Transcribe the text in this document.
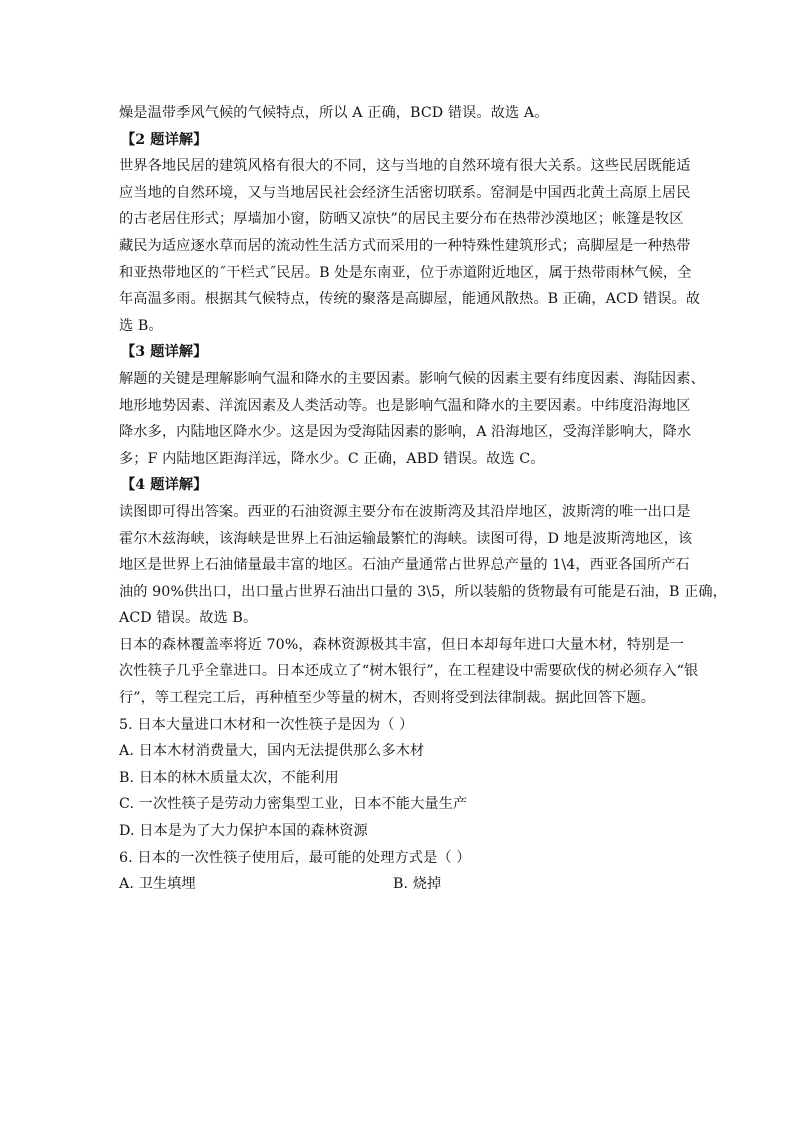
燥是温带季风气候的气候特点，所以 A 正确，BCD 错误。故选 A。
【2 题详解】
世界各地民居的建筑风格有很大的不同，这与当地的自然环境有很大关系。这些民居既能适
应当地的自然环境，又与当地居民社会经济生活密切联系。窑洞是中国西北黄土高原上居民
的古老居住形式；厚墙加小窗，防晒又凉快”的居民主要分布在热带沙漠地区；帐篷是牧区
藏民为适应逐水草而居的流动性生活方式而采用的一种特殊性建筑形式；高脚屋是一种热带
和亚热带地区的˝干栏式˝民居。B 处是东南亚，位于赤道附近地区，属于热带雨林气候，全
年高温多雨。根据其气候特点，传统的聚落是高脚屋，能通风散热。B 正确，ACD 错误。故
选 B。
【3 题详解】
解题的关键是理解影响气温和降水的主要因素。影响气候的因素主要有纬度因素、海陆因素、
地形地势因素、洋流因素及人类活动等。也是影响气温和降水的主要因素。中纬度沿海地区
降水多，内陆地区降水少。这是因为受海陆因素的影响，A 沿海地区，受海洋影响大，降水
多；F 内陆地区距海洋远，降水少。C 正确，ABD 错误。故选 C。
【4 题详解】
读图即可得出答案。西亚的石油资源主要分布在波斯湾及其沿岸地区，波斯湾的唯一出口是
霍尔木兹海峡，该海峡是世界上石油运输最繁忙的海峡。读图可得，D 地是波斯湾地区，该
地区是世界上石油储量最丰富的地区。石油产量通常占世界总产量的 1\4，西亚各国所产石
油的 90%供出口，出口量占世界石油出口量的 3\5，所以装船的货物最有可能是石油，B 正确，
ACD 错误。故选 B。
日本的森林覆盖率将近 70%，森林资源极其丰富，但日本却每年进口大量木材，特别是一
次性筷子几乎全靠进口。日本还成立了“树木银行”，在工程建设中需要砍伐的树必须存入“银
行”，等工程完工后，再种植至少等量的树木，否则将受到法律制裁。据此回答下题。
5. 日本大量进口木材和一次性筷子是因为（ ）
A. 日本木材消费量大，国内无法提供那么多木材
B. 日本的林木质量太次，不能利用
C. 一次性筷子是劳动力密集型工业，日本不能大量生产
D. 日本是为了大力保护本国的森林资源
6. 日本的一次性筷子使用后，最可能的处理方式是（ ）
A. 卫生填埋	B. 烧掉
